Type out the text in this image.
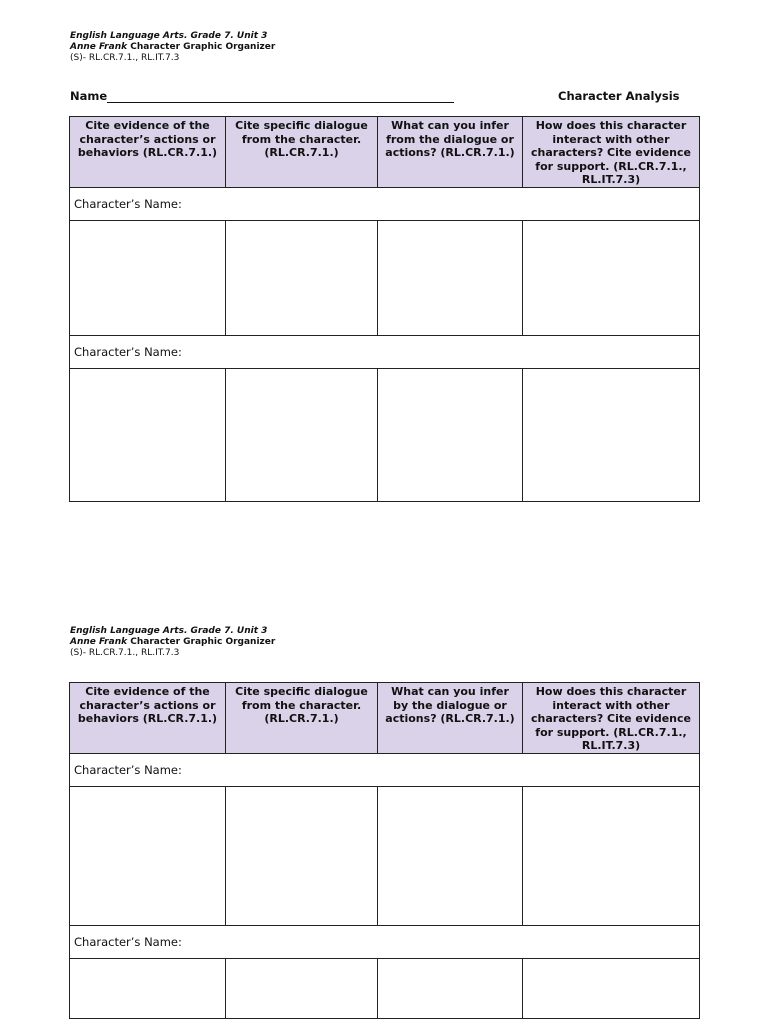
English Language Arts. Grade 7. Unit 3
Anne Frank Character Graphic Organizer
(S)- RL.CR.7.1., RL.IT.7.3
Name	Character Analysis
Cite evidence of the character’s actions or behaviors (RL.CR.7.1.)	Cite specific dialogue from the character. (RL.CR.7.1.)	What can you infer from the dialogue or actions? (RL.CR.7.1.)	How does this character interact with other characters? Cite evidence for support. (RL.CR.7.1., RL.IT.7.3)
Character’s Name:			

Character’s Name:			

English Language Arts. Grade 7. Unit 3
Anne Frank Character Graphic Organizer
(S)- RL.CR.7.1., RL.IT.7.3
Cite evidence of the character’s actions or behaviors (RL.CR.7.1.)	Cite specific dialogue from the character. (RL.CR.7.1.)	What can you infer by the dialogue or actions? (RL.CR.7.1.)	How does this character interact with other characters? Cite evidence for support. (RL.CR.7.1., RL.IT.7.3)
Character’s Name:			

Character’s Name:			
